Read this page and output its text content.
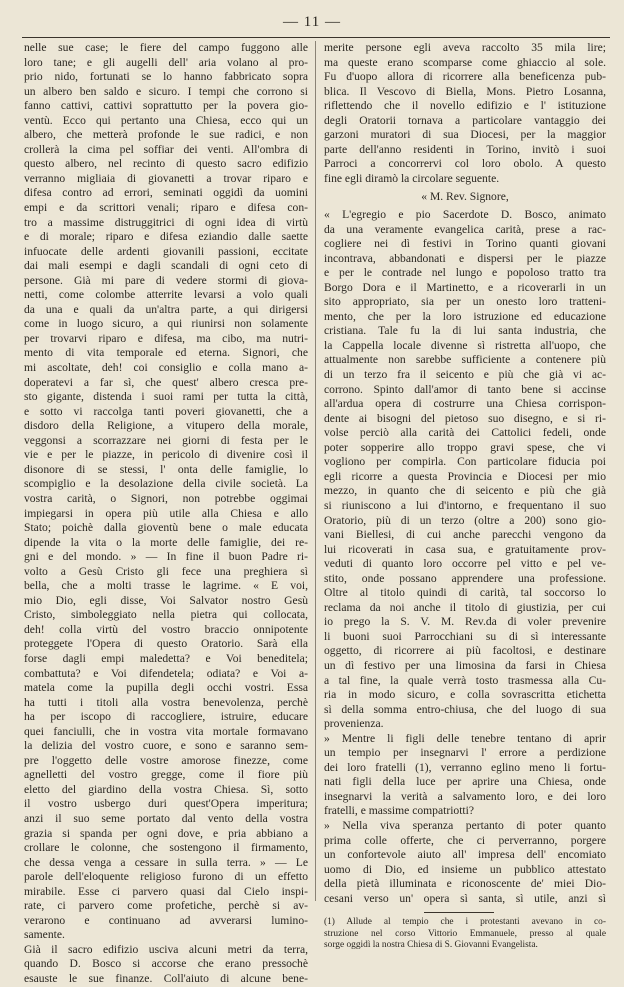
— 11 —
nelle sue case; le fiere del campo fuggono alle
loro tane; e gli augelli dell' aria volano al pro-
prio nido, fortunati se lo hanno fabbricato sopra
un albero ben saldo e sicuro. I tempi che corrono si
fanno cattivi, cattivi soprattutto per la povera gio-
ventù. Ecco qui pertanto una Chiesa, ecco qui un
albero, che metterà profonde le sue radici, e non
crollerà la cima pel soffiar dei venti. All'ombra di
questo albero, nel recinto di questo sacro edifizio
verranno migliaia di giovanetti a trovar riparo e
difesa contro ad errori, seminati oggidì da uomini
empi e da scrittori venali; riparo e difesa con-
tro a massime distruggitrici di ogni idea di virtù
e di morale; riparo e difesa eziandio dalle saette
infuocate delle ardenti giovanili passioni, eccitate
dai mali esempi e dagli scandali di ogni ceto di
persone. Già mi pare di vedere stormi di giova-
netti, come colombe atterrite levarsi a volo quali
da una e quali da un'altra parte, a qui dirigersi
come in luogo sicuro, a qui riunirsi non solamente
per trovarvi riparo e difesa, ma cibo, ma nutri-
mento di vita temporale ed eterna. Signori, che
mi ascoltate, deh! coi consiglio e colla mano a-
doperatevi a far sì, che quest' albero cresca pre-
sto gigante, distenda i suoi rami per tutta la città,
e sotto vi raccolga tanti poveri giovanetti, che a
disdoro della Religione, a vitupero della morale,
veggonsi a scorrazzare nei giorni di festa per le
vie e per le piazze, in pericolo di divenire così il
disonore di se stessi, l' onta delle famiglie, lo
scompiglio e la desolazione della civile società. La
vostra carità, o Signori, non potrebbe oggimai
impiegarsi in opera più utile alla Chiesa e allo
Stato; poichè dalla gioventù bene o male educata
dipende la vita o la morte delle famiglie, dei re-
gni e del mondo. » — In fine il buon Padre ri-
volto a Gesù Cristo gli fece una preghiera sì
bella, che a molti trasse le lagrime. « E voi,
mio Dio, egli disse, Voi Salvator nostro Gesù
Cristo, simboleggiato nella pietra qui collocata,
deh! colla virtù del vostro braccio onnipotente
proteggete l'Opera di questo Oratorio. Sarà ella
forse dagli empi maledetta? e Voi beneditela;
combattuta? e Voi difendetela; odiata? e Voi a-
matela come la pupilla degli occhi vostri. Essa
ha tutti i titoli alla vostra benevolenza, perchè
ha per iscopo di raccogliere, istruire, educare
quei fanciulli, che in vostra vita mortale formavano
la delizia del vostro cuore, e sono e saranno sem-
pre l'oggetto delle vostre amorose finezze, come
agnelletti del vostro gregge, come il fiore più
eletto del giardino della vostra Chiesa. Sì, sotto
il vostro usbergo duri quest'Opera imperitura;
anzi il suo seme portato dal vento della vostra
grazia si spanda per ogni dove, e pria abbiano a
crollare le colonne, che sostengono il firmamento,
che dessa venga a cessare in sulla terra. » — Le
parole dell'eloquente religioso furono di un effetto
mirabile. Esse ci parvero quasi dal Cielo inspi-
rate, ci parvero come profetiche, perchè si av-
verarono e continuano ad avverarsi lumino-
samente.
Già il sacro edifizio usciva alcuni metri da terra,
quando D. Bosco si accorse che erano pressochè
esauste le sue finanze. Coll'aiuto di alcune bene-
merite persone egli aveva raccolto 35 mila lire;
ma queste erano scomparse come ghiaccio al sole.
Fu d'uopo allora di ricorrere alla beneficenza pub-
blica. Il Vescovo di Biella, Mons. Pietro Losanna,
riflettendo che il novello edifizio e l' istituzione
degli Oratorii tornava a particolare vantaggio dei
garzoni muratori di sua Diocesi, per la maggior
parte dell'anno residenti in Torino, invitò i suoi
Parroci a concorrervi col loro obolo. A questo
fine egli diramò la circolare seguente.
« M. Rev. Signore,
« L'egregio e pio Sacerdote D. Bosco, animato
da una veramente evangelica carità, prese a rac-
cogliere nei dì festivi in Torino quanti giovani
incontrava, abbandonati e dispersi per le piazze
e per le contrade nel lungo e popoloso tratto tra
Borgo Dora e il Martinetto, e a ricoverarli in un
sito appropriato, sia per un onesto loro tratteni-
mento, che per la loro istruzione ed educazione
cristiana. Tale fu la di lui santa industria, che
la Cappella locale divenne sì ristretta all'uopo, che
attualmente non sarebbe sufficiente a contenere più
di un terzo fra il seicento e più che già vi ac-
corrono. Spinto dall'amor di tanto bene si accinse
all'ardua opera di costrurre una Chiesa corrispon-
dente ai bisogni del pietoso suo disegno, e si ri-
volse perciò alla carità dei Cattolici fedeli, onde
poter sopperire allo troppo gravi spese, che vi
vogliono per compirla. Con particolare fiducia poi
egli ricorre a questa Provincia e Diocesi per mio
mezzo, in quanto che di seicento e più che già
si riuniscono a lui d'intorno, e frequentano il suo
Oratorio, più di un terzo (oltre a 200) sono gio-
vani Biellesi, di cui anche parecchi vengono da
lui ricoverati in casa sua, e gratuitamente prov-
veduti di quanto loro occorre pel vitto e pel ve-
stito, onde possano apprendere una professione.
Oltre al titolo quindi di carità, tal soccorso lo
reclama da noi anche il titolo di giustizia, per cui
io prego la S. V. M. Rev.da di voler prevenire
li buoni suoi Parrocchiani su di sì interessante
oggetto, di ricorrere ai più facoltosi, e destinare
un dì festivo per una limosina da farsi in Chiesa
a tal fine, la quale verrà tosto trasmessa alla Cu-
ria in modo sicuro, e colla sovrascritta etichetta
sì della somma entro-chiusa, che del luogo di sua
provenienza.
» Mentre li figli delle tenebre tentano di aprir
un tempio per insegnarvi l' errore a perdizione
dei loro fratelli (1), verranno eglino meno li fortu-
nati figli della luce per aprire una Chiesa, onde
insegnarvi la verità a salvamento loro, e dei loro
fratelli, e massime compatriotti?
» Nella viva speranza pertanto di poter quanto
prima colle offerte, che ci perverranno, porgere
un confortevole aiuto all' impresa dell' encomiato
uomo di Dio, ed insieme un pubblico attestato
della pietà illuminata e riconoscente de' miei Dio-
cesani verso un' opera sì santa, sì utile, anzi sì
(1) Allude al tempio che i protestanti avevano in co-
struzione nel corso Vittorio Emmanuele, presso al quale
sorge oggidì la nostra Chiesa di S. Giovanni Evangelista.
